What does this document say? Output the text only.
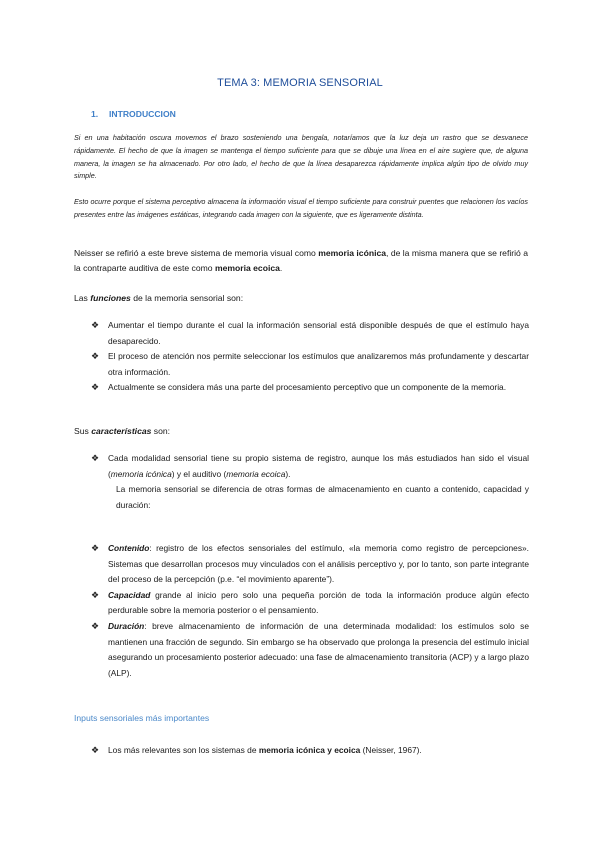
TEMA 3: MEMORIA SENSORIAL
1. INTRODUCCION
Si en una habitación oscura movemos el brazo sosteniendo una bengala, notaríamos que la luz deja un rastro que se desvanece rápidamente. El hecho de que la imagen se mantenga el tiempo suficiente para que se dibuje una línea en el aire sugiere que, de alguna manera, la imagen se ha almacenado. Por otro lado, el hecho de que la línea desaparezca rápidamente implica algún tipo de olvido muy simple.
Esto ocurre porque el sistema perceptivo almacena la información visual el tiempo suficiente para construir puentes que relacionen los vacíos presentes entre las imágenes estáticas, integrando cada imagen con la siguiente, que es ligeramente distinta.
Neisser se refirió a este breve sistema de memoria visual como memoria icónica, de la misma manera que se refirió a la contraparte auditiva de este como memoria ecoica.
Las funciones de la memoria sensorial son:
❖ Aumentar el tiempo durante el cual la información sensorial está disponible después de que el estímulo haya desaparecido.
❖ El proceso de atención nos permite seleccionar los estímulos que analizaremos más profundamente y descartar otra información.
❖ Actualmente se considera más una parte del procesamiento perceptivo que un componente de la memoria.
Sus características son:
❖ Cada modalidad sensorial tiene su propio sistema de registro, aunque los más estudiados han sido el visual (memoria icónica) y el auditivo (memoria ecoica).
La memoria sensorial se diferencia de otras formas de almacenamiento en cuanto a contenido, capacidad y duración:
❖ Contenido: registro de los efectos sensoriales del estímulo, «la memoria como registro de percepciones». Sistemas que desarrollan procesos muy vinculados con el análisis perceptivo y, por lo tanto, son parte integrante del proceso de la percepción (p.e. “el movimiento aparente”).
❖ Capacidad grande al inicio pero solo una pequeña porción de toda la información produce algún efecto perdurable sobre la memoria posterior o el pensamiento.
❖ Duración: breve almacenamiento de información de una determinada modalidad: los estímulos solo se mantienen una fracción de segundo. Sin embargo se ha observado que prolonga la presencia del estímulo inicial asegurando un procesamiento posterior adecuado: una fase de almacenamiento transitoria (ACP) y a largo plazo (ALP).
Inputs sensoriales más importantes
❖ Los más relevantes son los sistemas de memoria icónica y ecoica (Neisser, 1967).
